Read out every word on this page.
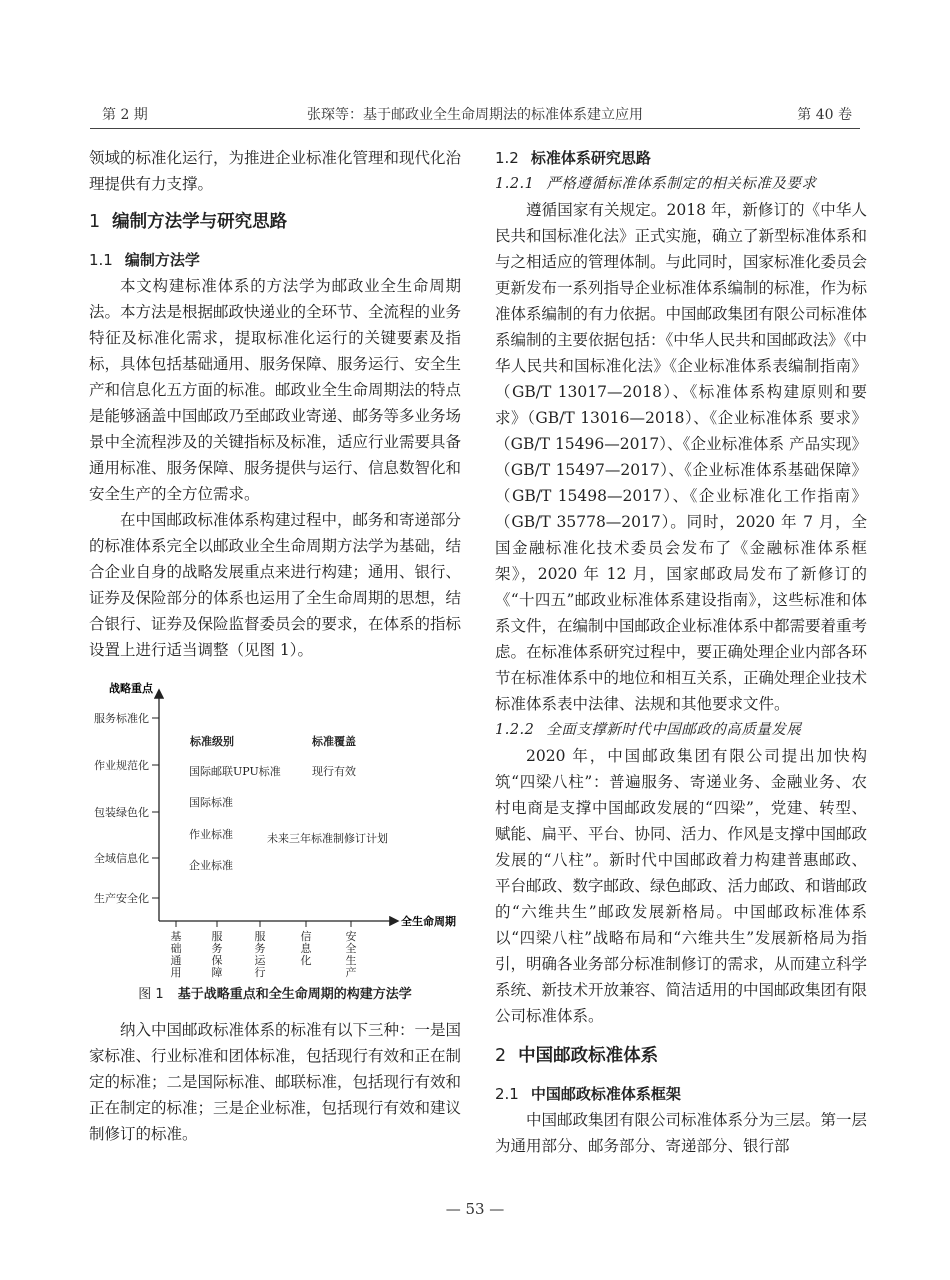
第 2 期	张琛等：基于邮政业全生命周期法的标准体系建立应用	第 40 卷

领域的标准化运行，为推进企业标准化管理和现代化治理提供有力支撑。

1 编制方法学与研究思路
1.1 编制方法学

本文构建标准体系的方法学为邮政业全生命周期法。本方法是根据邮政快递业的全环节、全流程的业务特征及标准化需求，提取标准化运行的关键要素及指标，具体包括基础通用、服务保障、服务运行、安全生产和信息化五方面的标准。邮政业全生命周期法的特点是能够涵盖中国邮政乃至邮政业寄递、邮务等多业务场景中全流程涉及的关键指标及标准，适应行业需要具备通用标准、服务保障、服务提供与运行、信息数智化和安全生产的全方位需求。

在中国邮政标准体系构建过程中，邮务和寄递部分的标准体系完全以邮政业全生命周期方法学为基础，结合企业自身的战略发展重点来进行构建；通用、银行、证券及保险部分的体系也运用了全生命周期的思想，结合银行、证券及保险监督委员会的要求，在体系的指标设置上进行适当调整（见图 1）。

战略重点
全生命周期
服务标准化
作业规范化
包装绿色化
全域信息化
生产安全化
基
础
通
用
服
务
保
障
服
务
运
行
信
息
化
安
全
生
产
标准级别	标准覆盖
国际邮联UPU标准	现行有效
国际标准
作业标准	未来三年标准制修订计划
企业标准
图 1 基于战略重点和全生命周期的构建方法学

纳入中国邮政标准体系的标准有以下三种：一是国家标准、行业标准和团体标准，包括现行有效和正在制定的标准；二是国际标准、邮联标准，包括现行有效和正在制定的标准；三是企业标准，包括现行有效和建议制修订的标准。

1.2 标准体系研究思路
1.2.1 严格遵循标准体系制定的相关标准及要求

遵循国家有关规定。2018 年，新修订的《中华人民共和国标准化法》正式实施，确立了新型标准体系和与之相适应的管理体制。与此同时，国家标准化委员会更新发布一系列指导企业标准体系编制的标准，作为标准体系编制的有力依据。中国邮政集团有限公司标准体系编制的主要依据包括：《中华人民共和国邮政法》《中华人民共和国标准化法》《企业标准体系表编制指南》（GB/T 13017—2018）、《标准体系构建原则和要求》（GB/T 13016—2018）、《企业标准体系 要求》（GB/T 15496—2017）、《企业标准体系 产品实现》（GB/T 15497—2017）、《企业标准体系基础保障》（GB/T 15498—2017）、《企业标准化工作指南》（GB/T 35778—2017）。同时，2020 年 7 月，全国金融标准化技术委员会发布了《金融标准体系框架》，2020 年 12 月，国家邮政局发布了新修订的《“十四五”邮政业标准体系建设指南》，这些标准和体系文件，在编制中国邮政企业标准体系中都需要着重考虑。在标准体系研究过程中，要正确处理企业内部各环节在标准体系中的地位和相互关系，正确处理企业技术标准体系表中法律、法规和其他要求文件。

1.2.2 全面支撑新时代中国邮政的高质量发展

2020 年，中国邮政集团有限公司提出加快构筑“四梁八柱”：普遍服务、寄递业务、金融业务、农村电商是支撑中国邮政发展的“四梁”，党建、转型、赋能、扁平、平台、协同、活力、作风是支撑中国邮政发展的“八柱”。新时代中国邮政着力构建普惠邮政、平台邮政、数字邮政、绿色邮政、活力邮政、和谐邮政的“六维共生”邮政发展新格局。中国邮政标准体系以“四梁八柱”战略布局和“六维共生”发展新格局为指引，明确各业务部分标准制修订的需求，从而建立科学系统、新技术开放兼容、简洁适用的中国邮政集团有限公司标准体系。

2 中国邮政标准体系
2.1 中国邮政标准体系框架

中国邮政集团有限公司标准体系分为三层。第一层为通用部分、邮务部分、寄递部分、银行部

— 53 —
